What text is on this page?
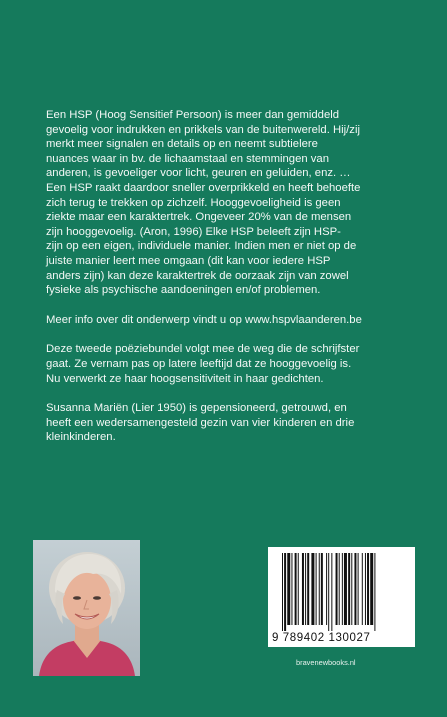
Een HSP (Hoog Sensitief Persoon) is meer dan gemiddeld
gevoelig voor indrukken en prikkels van de buitenwereld. Hij/zij
merkt meer signalen en details op en neemt subtielere
nuances waar in bv. de lichaamstaal en stemmingen van
anderen, is gevoeliger voor licht, geuren en geluiden, enz. …
Een HSP raakt daardoor sneller overprikkeld en heeft behoefte
zich terug te trekken op zichzelf. Hooggevoeligheid is geen
ziekte maar een karaktertrek. Ongeveer 20% van de mensen
zijn hooggevoelig. (Aron, 1996) Elke HSP beleeft zijn HSP-
zijn op een eigen, individuele manier. Indien men er niet op de
juiste manier leert mee omgaan (dit kan voor iedere HSP
anders zijn) kan deze karaktertrek de oorzaak zijn van zowel
fysieke als psychische aandoeningen en/of problemen.

Meer info over dit onderwerp vindt u op www.hspvlaanderen.be

Deze tweede poëziebundel volgt mee de weg die de schrijfster
gaat. Ze vernam pas op latere leeftijd dat ze hooggevoelig is.
Nu verwerkt ze haar hoogsensitiviteit in haar gedichten.

Susanna Mariën (Lier 1950) is gepensioneerd, getrouwd, en
heeft een wedersamengesteld gezin van vier kinderen en drie
kleinkinderen.

9 789402 130027
bravenewbooks.nl
